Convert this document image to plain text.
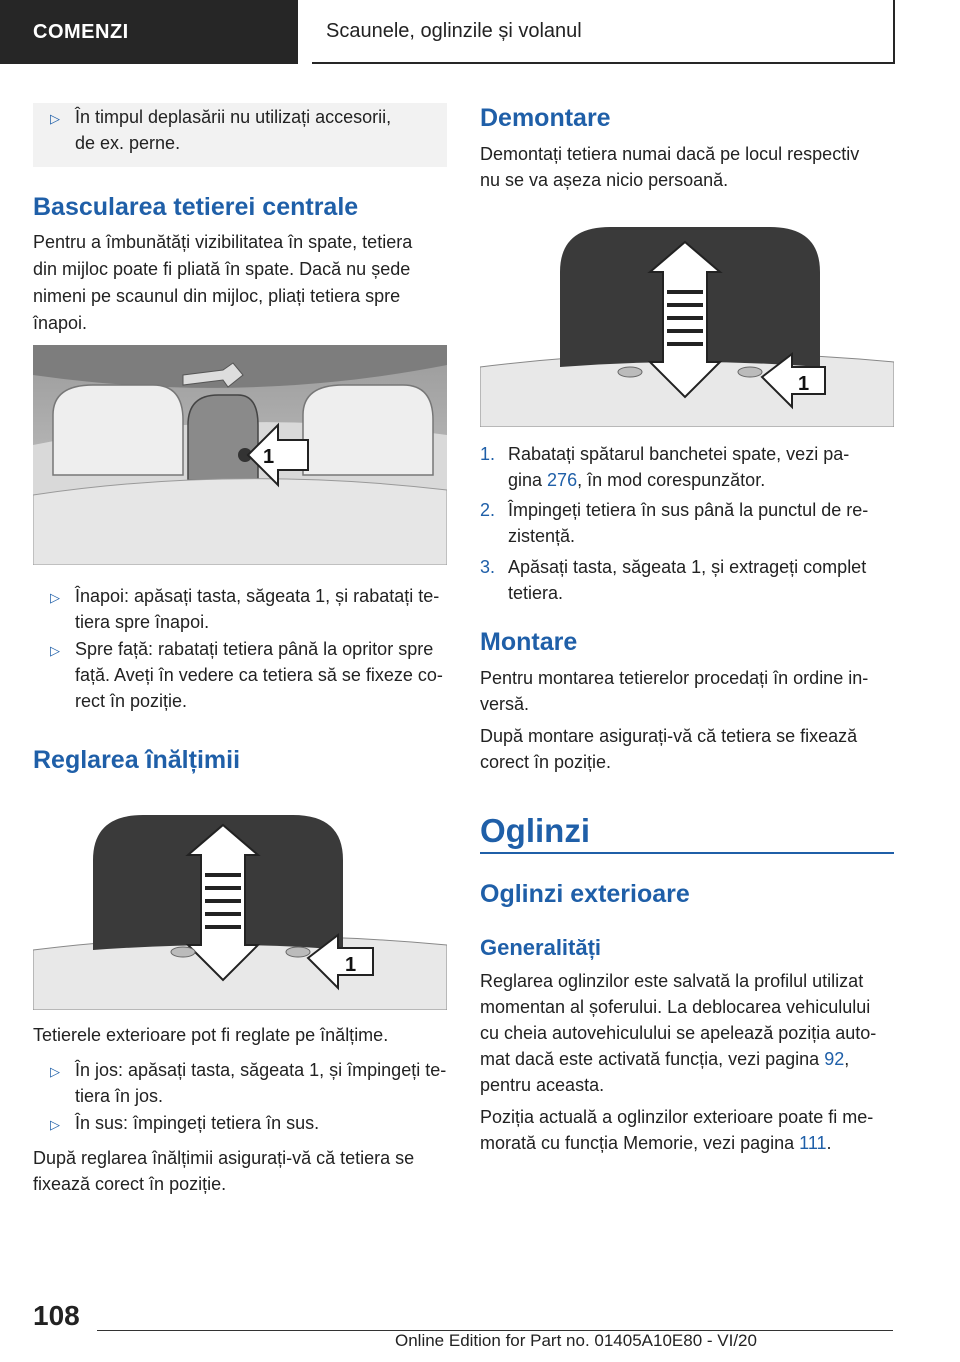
COMENZI	Scaunele, oglinzile și volanul
▷ În timpul deplasării nu utilizați accesorii,
de ex. perne.
Bascularea tetierei centrale
Pentru a îmbunătăți vizibilitatea în spate, tetiera
din mijloc poate fi pliată în spate. Dacă nu șede
nimeni pe scaunul din mijloc, pliați tetiera spre
înapoi.
1
▷ Înapoi: apăsați tasta, săgeata 1, și rabatați te‐
tiera spre înapoi.
▷ Spre față: rabatați tetiera până la opritor spre
față. Aveți în vedere ca tetiera să se fixeze co‐
rect în poziție.
Reglarea înălțimii
1
Tetierele exterioare pot fi reglate pe înălțime.
▷ În jos: apăsați tasta, săgeata 1, și împingeți te‐
tiera în jos.
▷ În sus: împingeți tetiera în sus.
După reglarea înălțimii asigurați-vă că tetiera se
fixează corect în poziție.
Demontare
Demontați tetiera numai dacă pe locul respectiv
nu se va așeza nicio persoană.
1
1. Rabatați spătarul banchetei spate, vezi pa‐
gina 276, în mod corespunzător.
2. Împingeți tetiera în sus până la punctul de re‐
zistență.
3. Apăsați tasta, săgeata 1, și extrageți complet
tetiera.
Montare
Pentru montarea tetierelor procedați în ordine in‐
versă.
După montare asigurați-vă că tetiera se fixează
corect în poziție.
Oglinzi
Oglinzi exterioare
Generalități
Reglarea oglinzilor este salvată la profilul utilizat
momentan al șoferului. La deblocarea vehiculului
cu cheia autovehiculului se apelează poziția auto‐
mat dacă este activată funcția, vezi pagina 92,
pentru aceasta.
Poziția actuală a oglinzilor exterioare poate fi me‐
morată cu funcția Memorie, vezi pagina 111.
108
Online Edition for Part no. 01405A10E80 - VI/20
